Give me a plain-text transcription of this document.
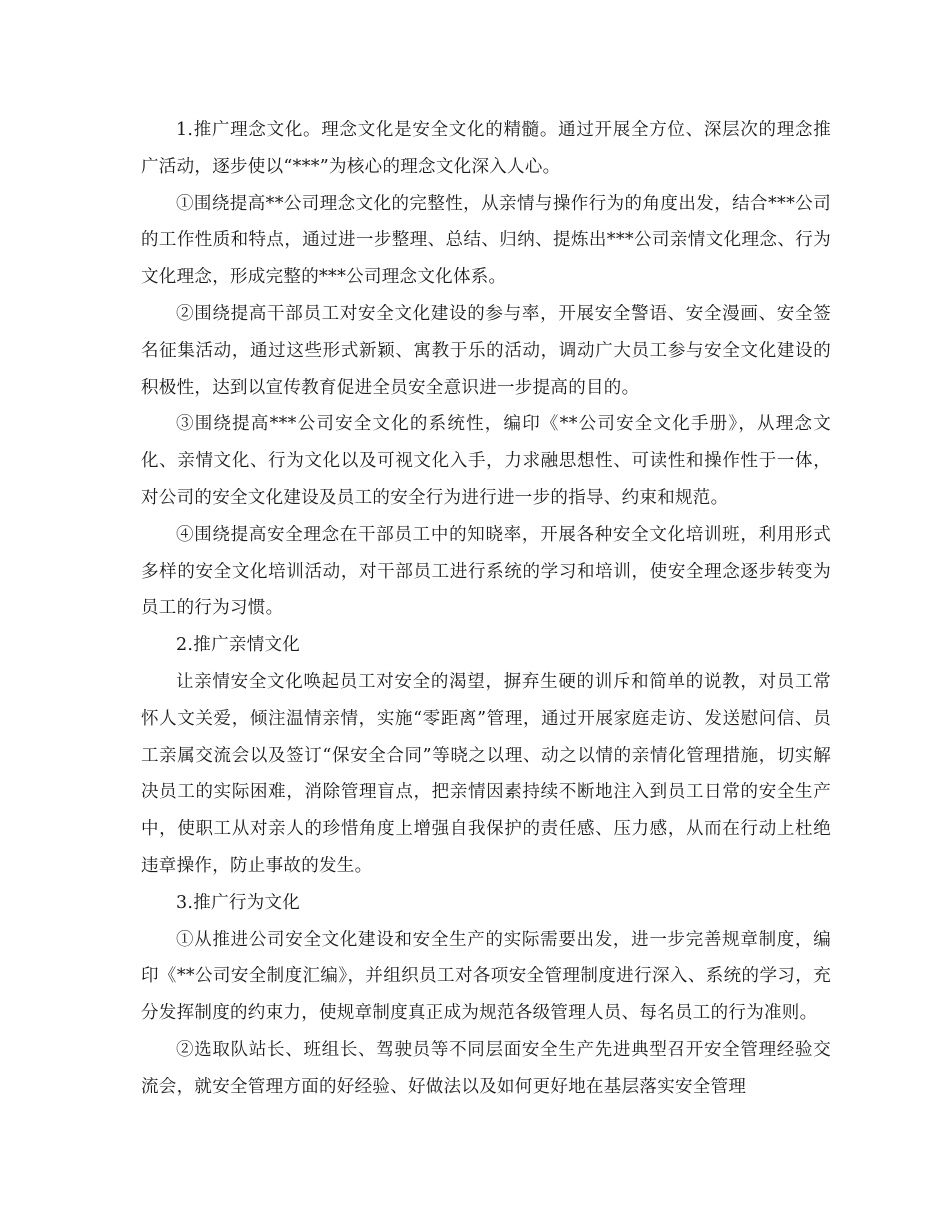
1.推广理念文化。理念文化是安全文化的精髓。通过开展全方位、深层次的理念推广活动，逐步使以“***”为核心的理念文化深入人心。

①围绕提高**公司理念文化的完整性，从亲情与操作行为的角度出发，结合***公司的工作性质和特点，通过进一步整理、总结、归纳、提炼出***公司亲情文化理念、行为文化理念，形成完整的***公司理念文化体系。

②围绕提高干部员工对安全文化建设的参与率，开展安全警语、安全漫画、安全签名征集活动，通过这些形式新颖、寓教于乐的活动，调动广大员工参与安全文化建设的积极性，达到以宣传教育促进全员安全意识进一步提高的目的。

③围绕提高***公司安全文化的系统性，编印《**公司安全文化手册》，从理念文化、亲情文化、行为文化以及可视文化入手，力求融思想性、可读性和操作性于一体，对公司的安全文化建设及员工的安全行为进行进一步的指导、约束和规范。

④围绕提高安全理念在干部员工中的知晓率，开展各种安全文化培训班，利用形式多样的安全文化培训活动，对干部员工进行系统的学习和培训，使安全理念逐步转变为员工的行为习惯。

2.推广亲情文化

让亲情安全文化唤起员工对安全的渴望，摒弃生硬的训斥和简单的说教，对员工常怀人文关爱，倾注温情亲情，实施“零距离”管理，通过开展家庭走访、发送慰问信、员工亲属交流会以及签订“保安全合同”等晓之以理、动之以情的亲情化管理措施，切实解决员工的实际困难，消除管理盲点，把亲情因素持续不断地注入到员工日常的安全生产中，使职工从对亲人的珍惜角度上增强自我保护的责任感、压力感，从而在行动上杜绝违章操作，防止事故的发生。

3.推广行为文化

①从推进公司安全文化建设和安全生产的实际需要出发，进一步完善规章制度，编印《**公司安全制度汇编》，并组织员工对各项安全管理制度进行深入、系统的学习，充分发挥制度的约束力，使规章制度真正成为规范各级管理人员、每名员工的行为准则。

②选取队站长、班组长、驾驶员等不同层面安全生产先进典型召开安全管理经验交流会，就安全管理方面的好经验、好做法以及如何更好地在基层落实安全管理
